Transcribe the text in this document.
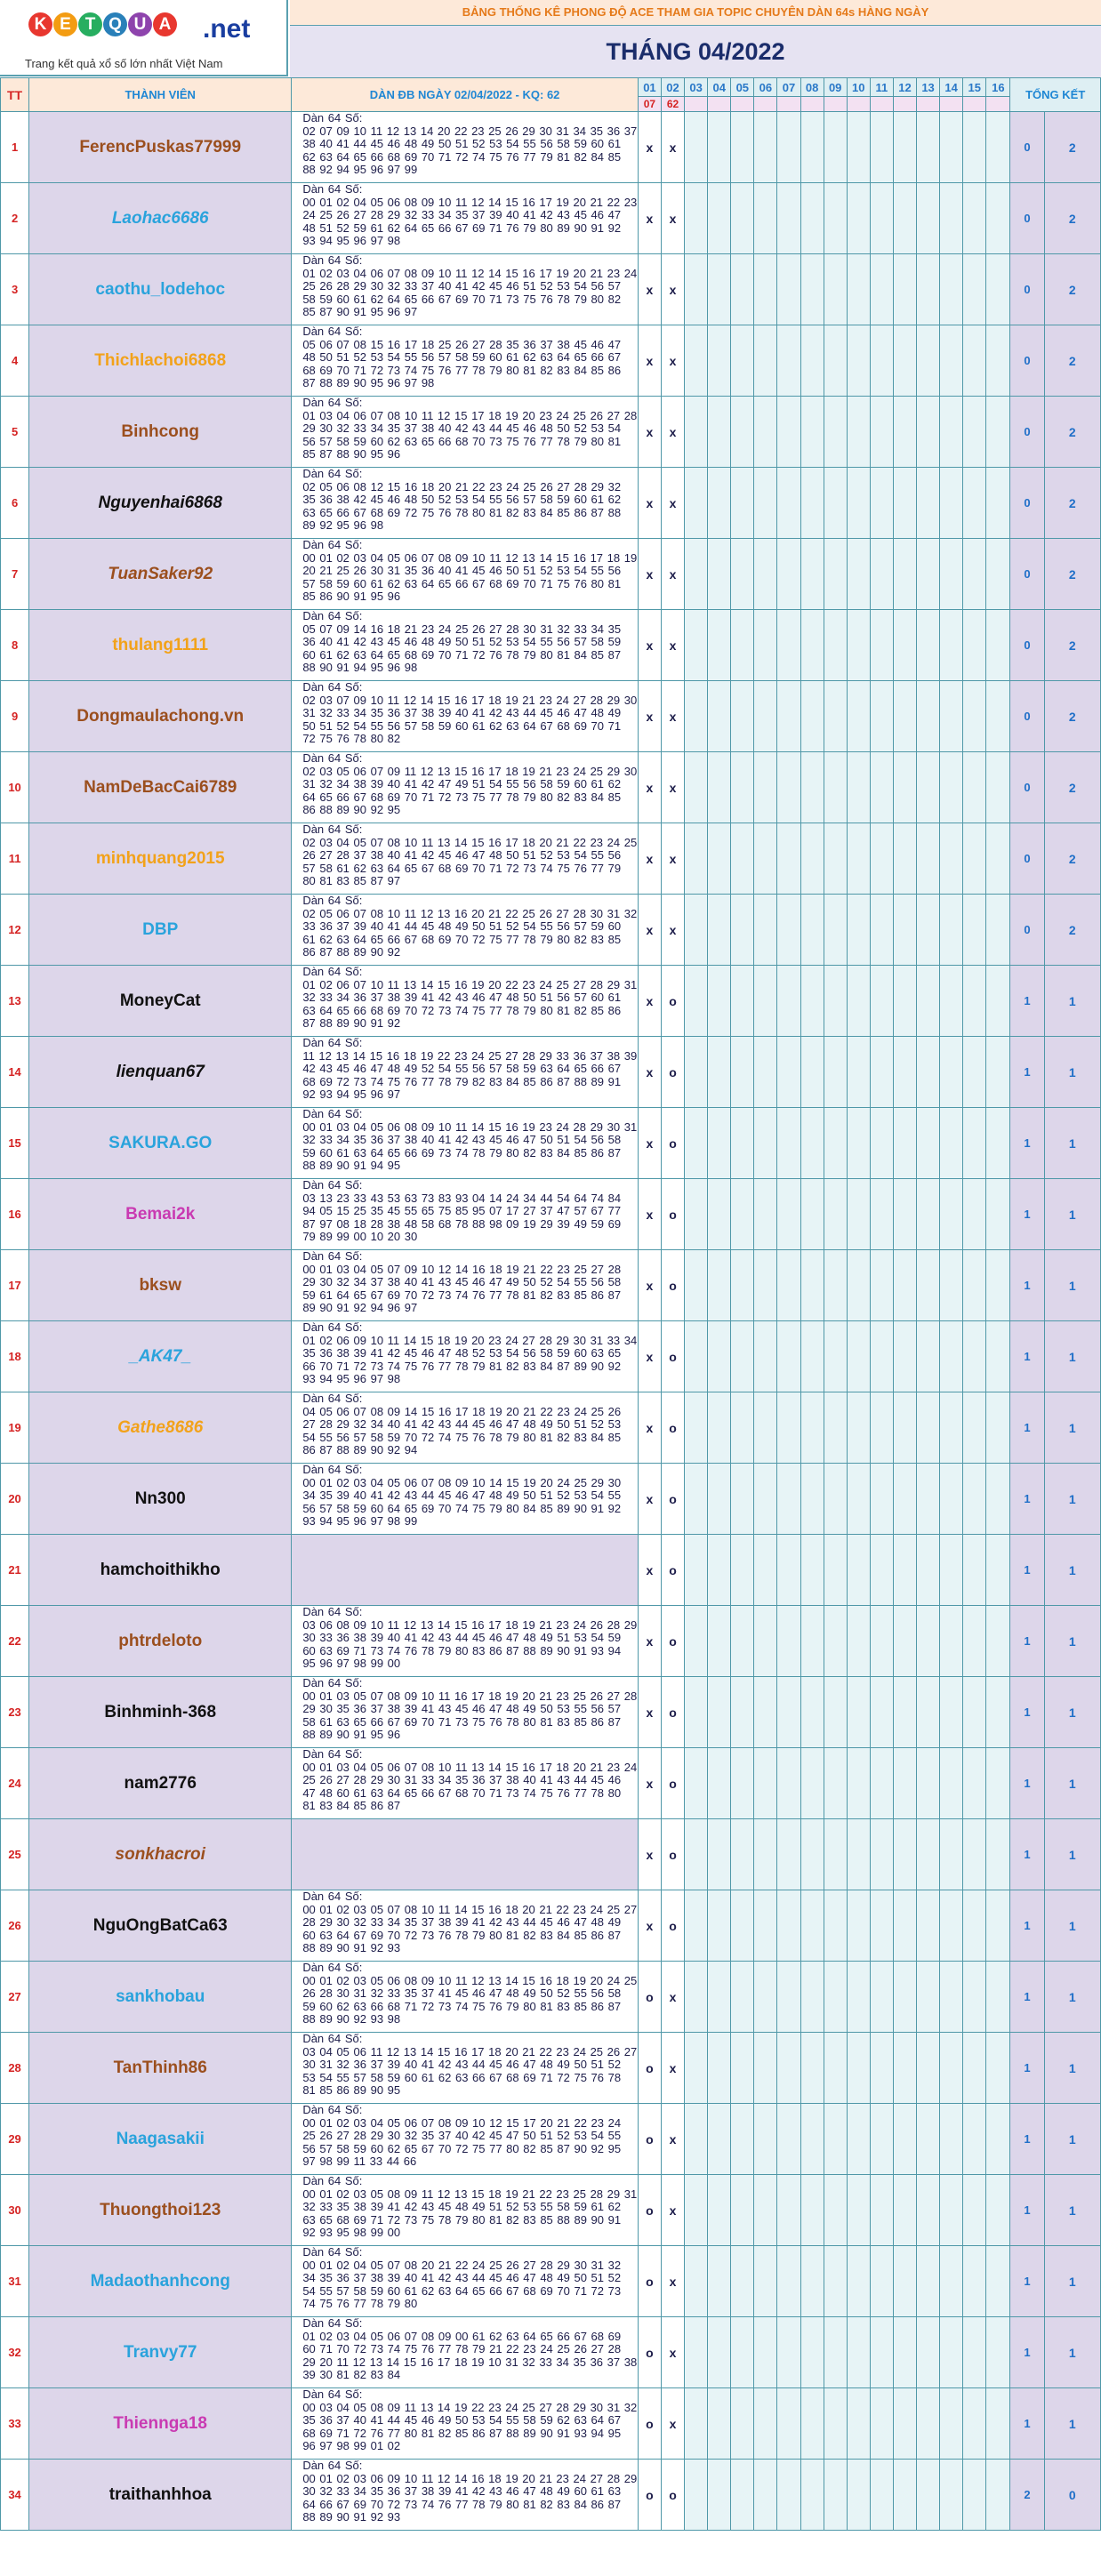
K E T Q U A .net
Trang kết quả xổ số lớn nhất Việt Nam
BẢNG THỐNG KÊ PHONG ĐỘ ACE THAM GIA TOPIC CHUYÊN DÀN 64s HÀNG NGÀY
THÁNG 04/2022
TT	THÀNH VIÊN	DÀN ĐB NGÀY 02/04/2022 - KQ: 62	01	02	03	04	05	06	07	08	09	10	11	12	13	14	15	16	TỔNG KẾT	
			07	62																
1	FerencPuskas77999	Dàn 64 Số:
02 07 09 10 11 12 13 14 20 22 23 25 26 29 30 31 34 35 36 37 38 40 41 44 45 46 48 49 50 51 52 53 54 55 56 58 59 60 61 62 63 64 65 66 68 69 70 71 72 74 75 76 77 79 81 82 84 85 88 92 94 95 96 97 99	x	x															0	2
2	Laohac6686	Dàn 64 Số:
00 01 02 04 05 06 08 09 10 11 12 14 15 16 17 19 20 21 22 23 24 25 26 27 28 29 32 33 34 35 37 39 40 41 42 43 45 46 47 48 51 52 59 61 62 64 65 66 67 69 71 76 79 80 89 90 91 92 93 94 95 96 97 98	x	x															0	2
3	caothu_lodehoc	Dàn 64 Số:
01 02 03 04 06 07 08 09 10 11 12 14 15 16 17 19 20 21 23 24 25 26 28 29 30 32 33 37 40 41 42 45 46 51 52 53 54 56 57 58 59 60 61 62 64 65 66 67 69 70 71 73 75 76 78 79 80 82 85 87 90 91 95 96 97	x	x															0	2
4	Thichlachoi6868	Dàn 64 Số:
05 06 07 08 15 16 17 18 25 26 27 28 35 36 37 38 45 46 47 48 50 51 52 53 54 55 56 57 58 59 60 61 62 63 64 65 66 67 68 69 70 71 72 73 74 75 76 77 78 79 80 81 82 83 84 85 86 87 88 89 90 95 96 97 98	x	x															0	2
5	Binhcong	Dàn 64 Số:
01 03 04 06 07 08 10 11 12 15 17 18 19 20 23 24 25 26 27 28 29 30 32 33 34 35 37 38 40 42 43 44 45 46 48 50 52 53 54 56 57 58 59 60 62 63 65 66 68 70 73 75 76 77 78 79 80 81 85 87 88 90 95 96	x	x															0	2
6	Nguyenhai6868	Dàn 64 Số:
02 05 06 08 12 15 16 18 20 21 22 23 24 25 26 27 28 29 32 35 36 38 42 45 46 48 50 52 53 54 55 56 57 58 59 60 61 62 63 65 66 67 68 69 72 75 76 78 80 81 82 83 84 85 86 87 88 89 92 95 96 98	x	x															0	2
7	TuanSaker92	Dàn 64 Số:
00 01 02 03 04 05 06 07 08 09 10 11 12 13 14 15 16 17 18 19 20 21 25 26 30 31 35 36 40 41 45 46 50 51 52 53 54 55 56 57 58 59 60 61 62 63 64 65 66 67 68 69 70 71 75 76 80 81 85 86 90 91 95 96	x	x															0	2
8	thulang1111	Dàn 64 Số:
05 07 09 14 16 18 21 23 24 25 26 27 28 30 31 32 33 34 35 36 40 41 42 43 45 46 48 49 50 51 52 53 54 55 56 57 58 59 60 61 62 63 64 65 68 69 70 71 72 76 78 79 80 81 84 85 87 88 90 91 94 95 96 98	x	x															0	2
9	Dongmaulachong.vn	Dàn 64 Số:
02 03 07 09 10 11 12 14 15 16 17 18 19 21 23 24 27 28 29 30 31 32 33 34 35 36 37 38 39 40 41 42 43 44 45 46 47 48 49 50 51 52 54 55 56 57 58 59 60 61 62 63 64 67 68 69 70 71 72 75 76 78 80 82	x	x															0	2
10	NamDeBacCai6789	Dàn 64 Số:
02 03 05 06 07 09 11 12 13 15 16 17 18 19 21 23 24 25 29 30 31 32 34 38 39 40 41 42 47 49 51 54 55 56 58 59 60 61 62 64 65 66 67 68 69 70 71 72 73 75 77 78 79 80 82 83 84 85 86 88 89 90 92 95	x	x															0	2
11	minhquang2015	Dàn 64 Số:
02 03 04 05 07 08 10 11 13 14 15 16 17 18 20 21 22 23 24 25 26 27 28 37 38 40 41 42 45 46 47 48 50 51 52 53 54 55 56 57 58 61 62 63 64 65 67 68 69 70 71 72 73 74 75 76 77 79 80 81 83 85 87 97	x	x															0	2
12	DBP	Dàn 64 Số:
02 05 06 07 08 10 11 12 13 16 20 21 22 25 26 27 28 30 31 32 33 36 37 39 40 41 44 45 48 49 50 51 52 54 55 56 57 59 60 61 62 63 64 65 66 67 68 69 70 72 75 77 78 79 80 82 83 85 86 87 88 89 90 92	x	x															0	2
13	MoneyCat	Dàn 64 Số:
01 02 06 07 10 11 13 14 15 16 19 20 22 23 24 25 27 28 29 31 32 33 34 36 37 38 39 41 42 43 46 47 48 50 51 56 57 60 61 63 64 65 66 68 69 70 72 73 74 75 77 78 79 80 81 82 85 86 87 88 89 90 91 92	x	o															1	1
14	lienquan67	Dàn 64 Số:
11 12 13 14 15 16 18 19 22 23 24 25 27 28 29 33 36 37 38 39 42 43 45 46 47 48 49 52 54 55 56 57 58 59 63 64 65 66 67 68 69 72 73 74 75 76 77 78 79 82 83 84 85 86 87 88 89 91 92 93 94 95 96 97	x	o															1	1
15	SAKURA.GO	Dàn 64 Số:
00 01 03 04 05 06 08 09 10 11 14 15 16 19 23 24 28 29 30 31 32 33 34 35 36 37 38 40 41 42 43 45 46 47 50 51 54 56 58 59 60 61 63 64 65 66 69 73 74 78 79 80 82 83 84 85 86 87 88 89 90 91 94 95	x	o															1	1
16	Bemai2k	Dàn 64 Số:
03 13 23 33 43 53 63 73 83 93 04 14 24 34 44 54 64 74 84 94 05 15 25 35 45 55 65 75 85 95 07 17 27 37 47 57 67 77 87 97 08 18 28 38 48 58 68 78 88 98 09 19 29 39 49 59 69 79 89 99 00 10 20 30	x	o															1	1
17	bksw	Dàn 64 Số:
00 01 03 04 05 07 09 10 12 14 16 18 19 21 22 23 25 27 28 29 30 32 34 37 38 40 41 43 45 46 47 49 50 52 54 55 56 58 59 61 64 65 67 69 70 72 73 74 76 77 78 81 82 83 85 86 87 89 90 91 92 94 96 97	x	o															1	1
18	_AK47_	Dàn 64 Số:
01 02 06 09 10 11 14 15 18 19 20 23 24 27 28 29 30 31 33 34 35 36 38 39 41 42 45 46 47 48 52 53 54 56 58 59 60 63 65 66 70 71 72 73 74 75 76 77 78 79 81 82 83 84 87 89 90 92 93 94 95 96 97 98	x	o															1	1
19	Gathe8686	Dàn 64 Số:
04 05 06 07 08 09 14 15 16 17 18 19 20 21 22 23 24 25 26 27 28 29 32 34 40 41 42 43 44 45 46 47 48 49 50 51 52 53 54 55 56 57 58 59 70 72 74 75 76 78 79 80 81 82 83 84 85 86 87 88 89 90 92 94	x	o															1	1
20	Nn300	Dàn 64 Số:
00 01 02 03 04 05 06 07 08 09 10 14 15 19 20 24 25 29 30 34 35 39 40 41 42 43 44 45 46 47 48 49 50 51 52 53 54 55 56 57 58 59 60 64 65 69 70 74 75 79 80 84 85 89 90 91 92 93 94 95 96 97 98 99	x	o															1	1
21	hamchoithikho		x	o															1	1
22	phtrdeloto	Dàn 64 Số:
03 06 08 09 10 11 12 13 14 15 16 17 18 19 21 23 24 26 28 29 30 33 36 38 39 40 41 42 43 44 45 46 47 48 49 51 53 54 59 60 63 69 71 73 74 76 78 79 80 83 86 87 88 89 90 91 93 94 95 96 97 98 99 00	x	o															1	1
23	Binhminh-368	Dàn 64 Số:
00 01 03 05 07 08 09 10 11 16 17 18 19 20 21 23 25 26 27 28 29 30 35 36 37 38 39 41 43 45 46 47 48 49 50 53 55 56 57 58 61 63 65 66 67 69 70 71 73 75 76 78 80 81 83 85 86 87 88 89 90 91 95 96	x	o															1	1
24	nam2776	Dàn 64 Số:
00 01 03 04 05 06 07 08 10 11 13 14 15 16 17 18 20 21 23 24 25 26 27 28 29 30 31 33 34 35 36 37 38 40 41 43 44 45 46 47 48 60 61 63 64 65 66 67 68 70 71 73 74 75 76 77 78 80 81 83 84 85 86 87	x	o															1	1
25	sonkhacroi		x	o															1	1
26	NguOngBatCa63	Dàn 64 Số:
00 01 02 03 05 07 08 10 11 14 15 16 18 20 21 22 23 24 25 27 28 29 30 32 33 34 35 37 38 39 41 42 43 44 45 46 47 48 49 60 63 64 67 69 70 72 73 76 78 79 80 81 82 83 84 85 86 87 88 89 90 91 92 93	x	o															1	1
27	sankhobau	Dàn 64 Số:
00 01 02 03 05 06 08 09 10 11 12 13 14 15 16 18 19 20 24 25 26 28 30 31 32 33 35 37 41 45 46 47 48 49 50 52 55 56 58 59 60 62 63 66 68 71 72 73 74 75 76 79 80 81 83 85 86 87 88 89 90 92 93 98	o	x															1	1
28	TanThinh86	Dàn 64 Số:
03 04 05 06 11 12 13 14 15 16 17 18 20 21 22 23 24 25 26 27 30 31 32 36 37 39 40 41 42 43 44 45 46 47 48 49 50 51 52 53 54 55 57 58 59 60 61 62 63 66 67 68 69 71 72 75 76 78 81 85 86 89 90 95	o	x															1	1
29	Naagasakii	Dàn 64 Số:
00 01 02 03 04 05 06 07 08 09 10 12 15 17 20 21 22 23 24 25 26 27 28 29 30 32 35 37 40 42 45 47 50 51 52 53 54 55 56 57 58 59 60 62 65 67 70 72 75 77 80 82 85 87 90 92 95 97 98 99 11 33 44 66	o	x															1	1
30	Thuongthoi123	Dàn 64 Số:
00 01 02 03 05 08 09 11 12 13 15 18 19 21 22 23 25 28 29 31 32 33 35 38 39 41 42 43 45 48 49 51 52 53 55 58 59 61 62 63 65 68 69 71 72 73 75 78 79 80 81 82 83 85 88 89 90 91 92 93 95 98 99 00	o	x															1	1
31	Madaothanhcong	Dàn 64 Số:
00 01 02 04 05 07 08 20 21 22 24 25 26 27 28 29 30 31 32 34 35 36 37 38 39 40 41 42 43 44 45 46 47 48 49 50 51 52 54 55 57 58 59 60 61 62 63 64 65 66 67 68 69 70 71 72 73 74 75 76 77 78 79 80	o	x															1	1
32	Tranvy77	Dàn 64 Số:
01 02 03 04 05 06 07 08 09 00 61 62 63 64 65 66 67 68 69 60 71 70 72 73 74 75 76 77 78 79 21 22 23 24 25 26 27 28 29 20 11 12 13 14 15 16 17 18 19 10 31 32 33 34 35 36 37 38 39 30 81 82 83 84	o	x															1	1
33	Thiennga18	Dàn 64 Số:
00 03 04 05 08 09 11 13 14 19 22 23 24 25 27 28 29 30 31 32 35 36 37 40 41 44 45 46 49 50 53 54 55 58 59 62 63 64 67 68 69 71 72 76 77 80 81 82 85 86 87 88 89 90 91 93 94 95 96 97 98 99 01 02	o	x															1	1
34	traithanhhoa	Dàn 64 Số:
00 01 02 03 06 09 10 11 12 14 16 18 19 20 21 23 24 27 28 29 30 32 33 34 35 36 37 38 39 41 42 43 46 47 48 49 60 61 63 64 66 67 69 70 72 73 74 76 77 78 79 80 81 82 83 84 86 87 88 89 90 91 92 93	o	o															2	0
